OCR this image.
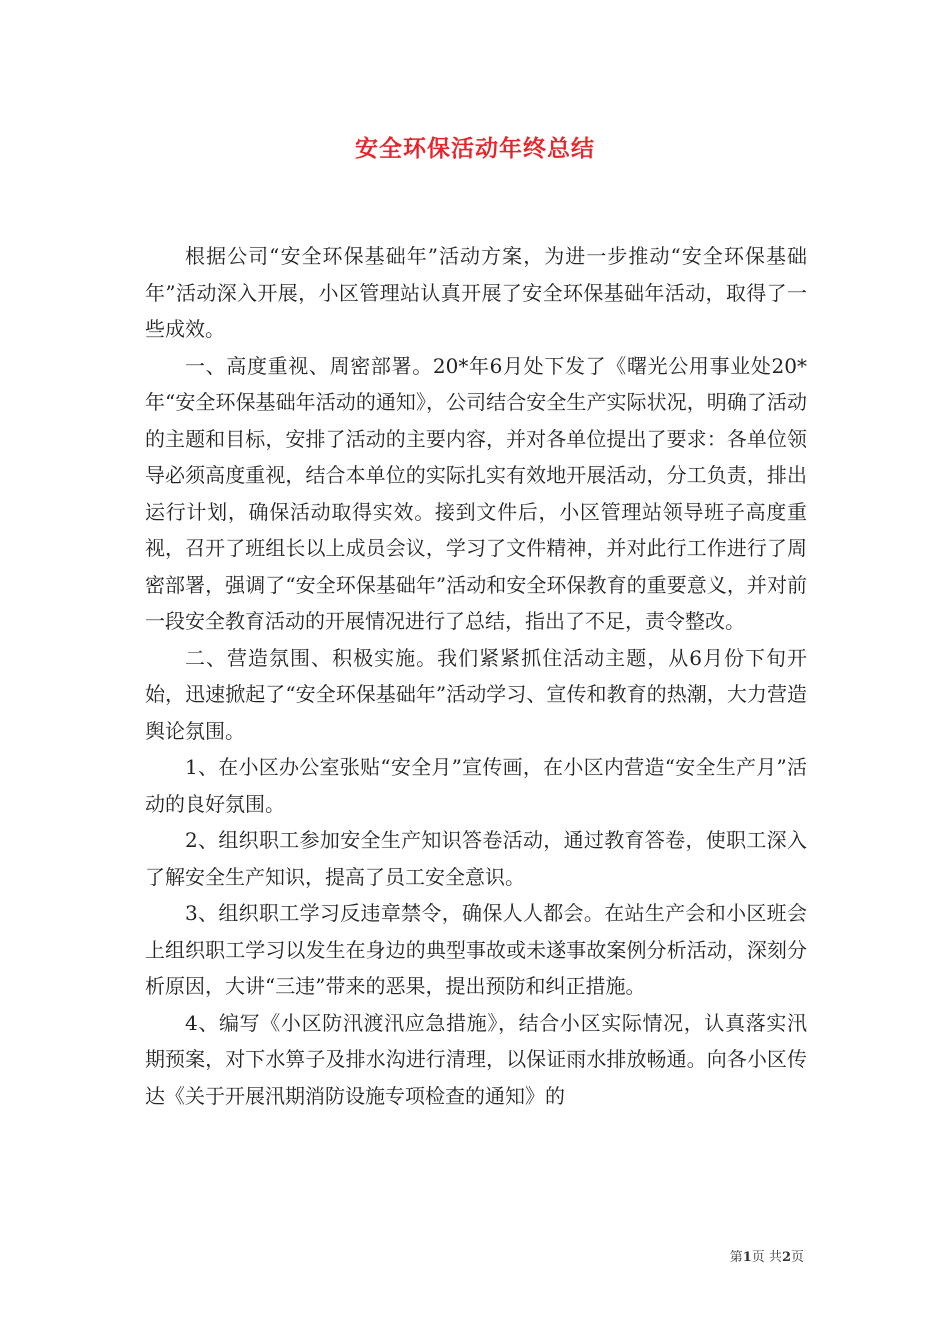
安全环保活动年终总结

根据公司“安全环保基础年”活动方案，为进一步推动“安全环保基础年”活动深入开展，小区管理站认真开展了安全环保基础年活动，取得了一些成效。

一、高度重视、周密部署。20*年6月处下发了《曙光公用事业处20*年“安全环保基础年活动的通知》，公司结合安全生产实际状况，明确了活动的主题和目标，安排了活动的主要内容，并对各单位提出了要求：各单位领导必须高度重视，结合本单位的实际扎实有效地开展活动，分工负责，排出运行计划，确保活动取得实效。接到文件后，小区管理站领导班子高度重视，召开了班组长以上成员会议，学习了文件精神，并对此行工作进行了周密部署，强调了“安全环保基础年”活动和安全环保教育的重要意义，并对前一段安全教育活动的开展情况进行了总结，指出了不足，责令整改。

二、营造氛围、积极实施。我们紧紧抓住活动主题，从6月份下旬开始，迅速掀起了“安全环保基础年”活动学习、宣传和教育的热潮，大力营造舆论氛围。

1、在小区办公室张贴“安全月”宣传画，在小区内营造“安全生产月”活动的良好氛围。

2、组织职工参加安全生产知识答卷活动，通过教育答卷，使职工深入了解安全生产知识，提高了员工安全意识。

3、组织职工学习反违章禁令，确保人人都会。在站生产会和小区班会上组织职工学习以发生在身边的典型事故或未遂事故案例分析活动，深刻分析原因，大讲“三违”带来的恶果，提出预防和纠正措施。

4、编写《小区防汛渡汛应急措施》，结合小区实际情况，认真落实汛期预案，对下水箅子及排水沟进行清理，以保证雨水排放畅通。向各小区传达《关于开展汛期消防设施专项检查的通知》的

第1页 共2页
